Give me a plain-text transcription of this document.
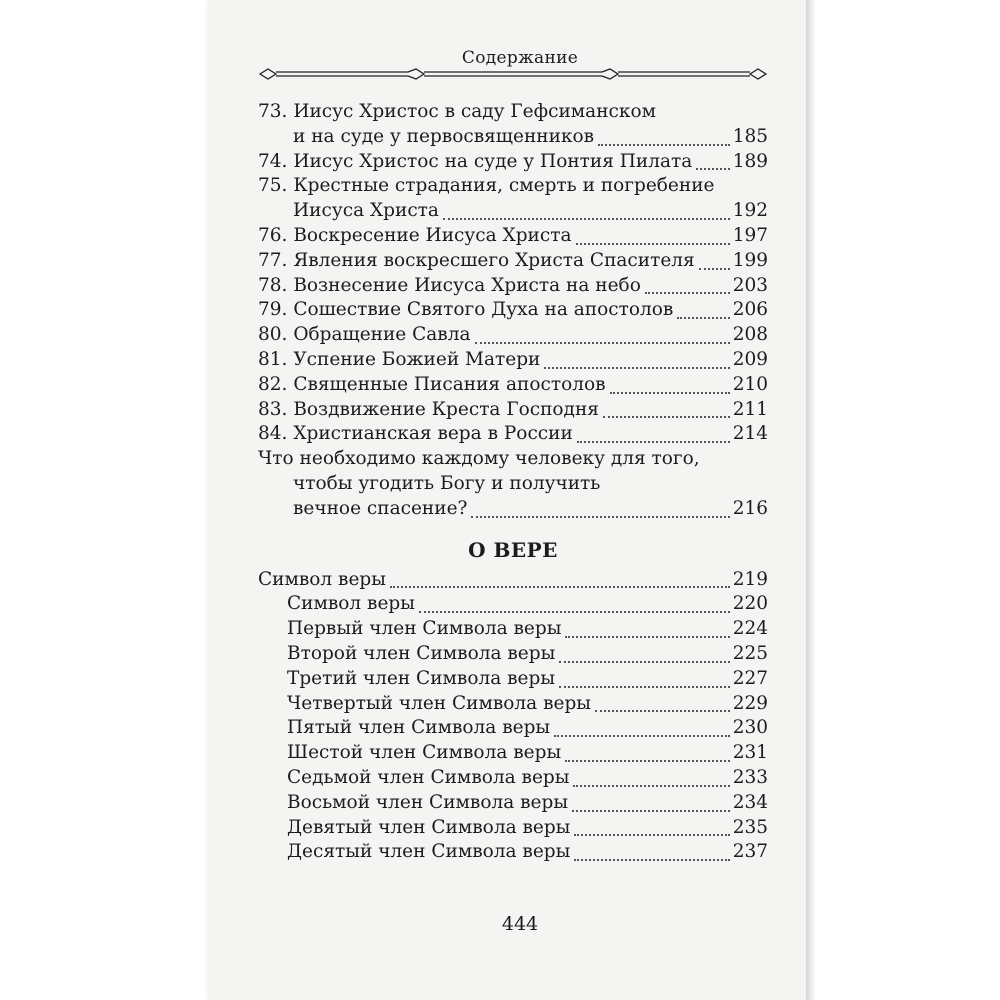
Содержание
73.
Иисус Христос в саду Гефсиманском
и на суде у первосвященников	185
74.
Иисус Христос на суде у Понтия Пилата 189
75.
Крестные страдания, смерть и погребение
Иисуса Христа	192
76.
Воскресение Иисуса Христа	197
77.
Явления воскресшего Христа Спасителя 199
78.
Вознесение Иисуса Христа на небо	203
79.
Сошествие Святого Духа на апостолов	206
80.
Обращение Савла	208
81.
Успение Божией Матери	209
82.
Священные Писания апостолов	210
83.
Воздвижение Креста Господня	211
84.
Христианская вера в России	214
Что необходимо каждому человеку для того,
чтобы угодить Богу и получить
вечное спасение?	216
О ВЕРЕ
Символ веры	219
Символ веры	220
Первый член Символа веры	224
Второй член Символа веры	225
Третий член Символа веры	227
Четвертый член Символа веры	229
Пятый член Символа веры	230
Шестой член Символа веры	231
Седьмой член Символа веры	233
Восьмой член Символа веры	234
Девятый член Символа веры	235
Десятый член Символа веры	237
444
